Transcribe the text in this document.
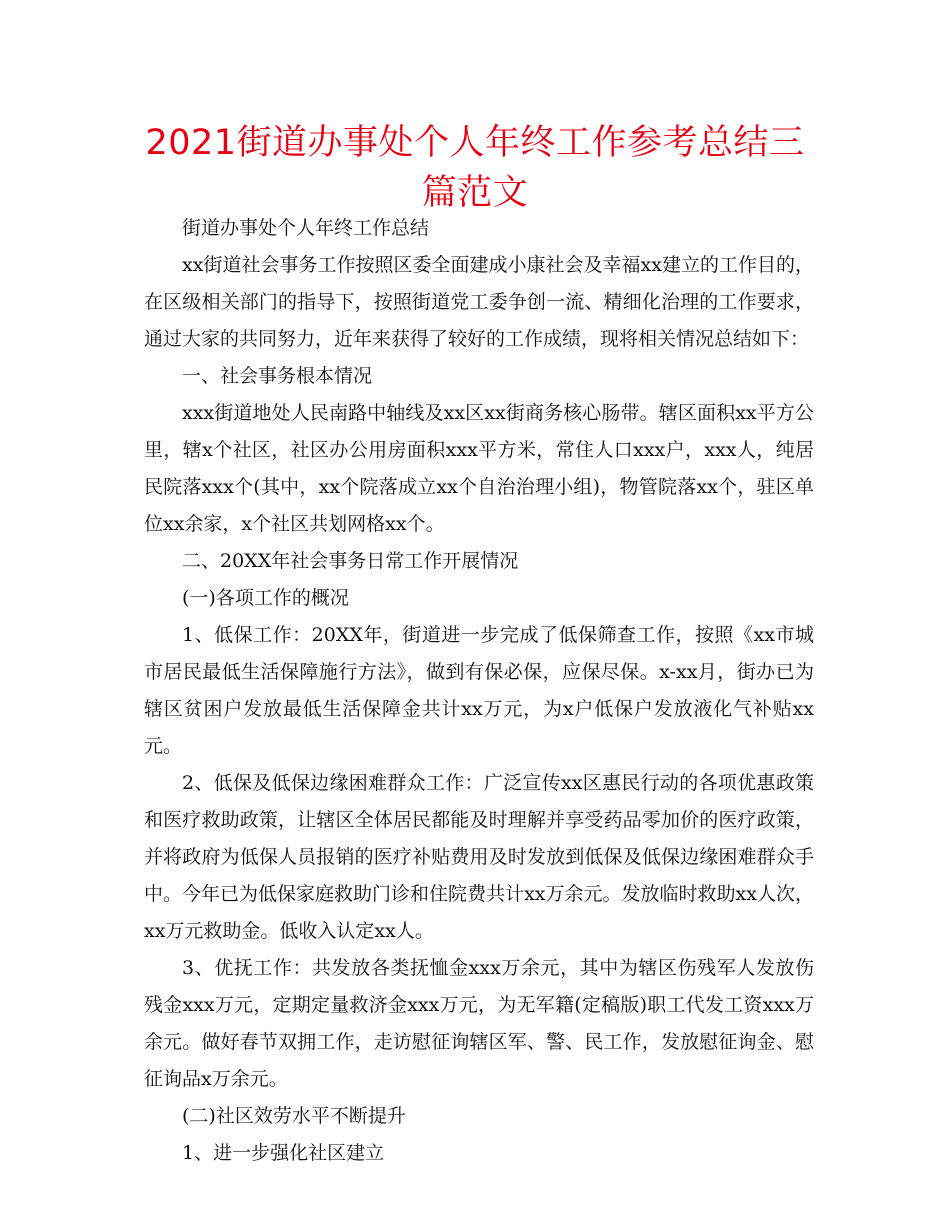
2021街道办事处个人年终工作参考总结三篇范文

街道办事处个人年终工作总结

xx街道社会事务工作按照区委全面建成小康社会及幸福xx建立的工作目的，在区级相关部门的指导下，按照街道党工委争创一流、精细化治理的工作要求，通过大家的共同努力，近年来获得了较好的工作成绩，现将相关情况总结如下：

一、社会事务根本情况

xxx街道地处人民南路中轴线及xx区xx街商务核心肠带。辖区面积xx平方公里，辖x个社区，社区办公用房面积xxx平方米，常住人口xxx户，xxx人，纯居民院落xxx个(其中，xx个院落成立xx个自治治理小组)，物管院落xx个，驻区单位xx余家，x个社区共划网格xx个。

二、20XX年社会事务日常工作开展情况

(一)各项工作的概况

1、低保工作：20XX年，街道进一步完成了低保筛查工作，按照《xx市城市居民最低生活保障施行方法》，做到有保必保，应保尽保。x-xx月，街办已为辖区贫困户发放最低生活保障金共计xx万元，为x户低保户发放液化气补贴xx元。

2、低保及低保边缘困难群众工作：广泛宣传xx区惠民行动的各项优惠政策和医疗救助政策，让辖区全体居民都能及时理解并享受药品零加价的医疗政策，并将政府为低保人员报销的医疗补贴费用及时发放到低保及低保边缘困难群众手中。今年已为低保家庭救助门诊和住院费共计xx万余元。发放临时救助xx人次，xx万元救助金。低收入认定xx人。

3、优抚工作：共发放各类抚恤金xxx万余元，其中为辖区伤残军人发放伤残金xxx万元，定期定量救济金xxx万元，为无军籍(定稿版)职工代发工资xxx万余元。做好春节双拥工作，走访慰征询辖区军、警、民工作，发放慰征询金、慰征询品x万余元。

(二)社区效劳水平不断提升

1、进一步强化社区建立
